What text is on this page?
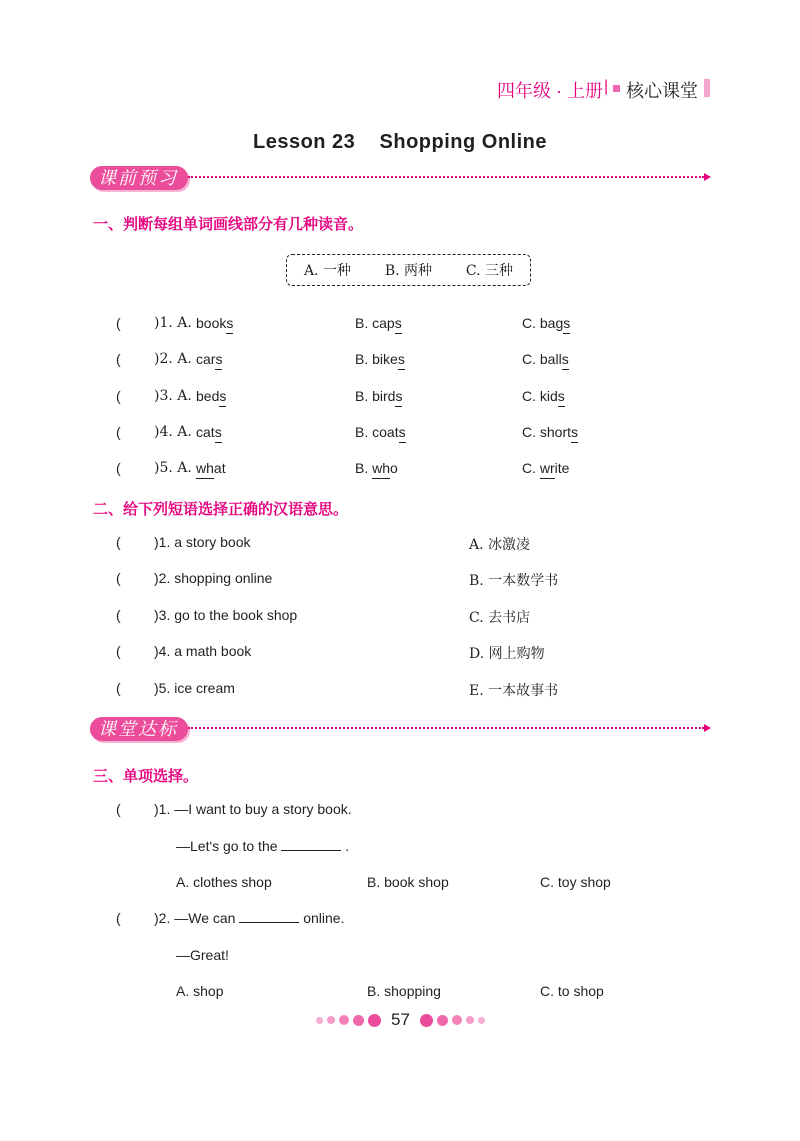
四年级 · 上册 | 核心课堂
Lesson 23    Shopping Online
课前预习
一、判断每组单词画线部分有几种读音。
A. 一种 B. 两种 C. 三种
( )1. A. books	B. caps	C. bags
( )2. A. cars	B. bikes	C. balls
( )3. A. beds	B. birds	C. kids
( )4. A. cats	B. coats	C. shorts
( )5. A. what	B. who	C. write
二、给下列短语选择正确的汉语意思。
( )1. a story book	A. 冰激凌
( )2. shopping online	B. 一本数学书
( )3. go to the book shop	C. 去书店
( )4. a math book	D. 网上购物
( )5. ice cream	E. 一本故事书
课堂达标
三、单项选择。
( )1. —I want to buy a story book.
—Let's go to the	.
A. clothes shop	B. book shop	C. toy shop
( )2. —We can	online.
—Great!
A. shop	B. shopping	C. to shop
57
